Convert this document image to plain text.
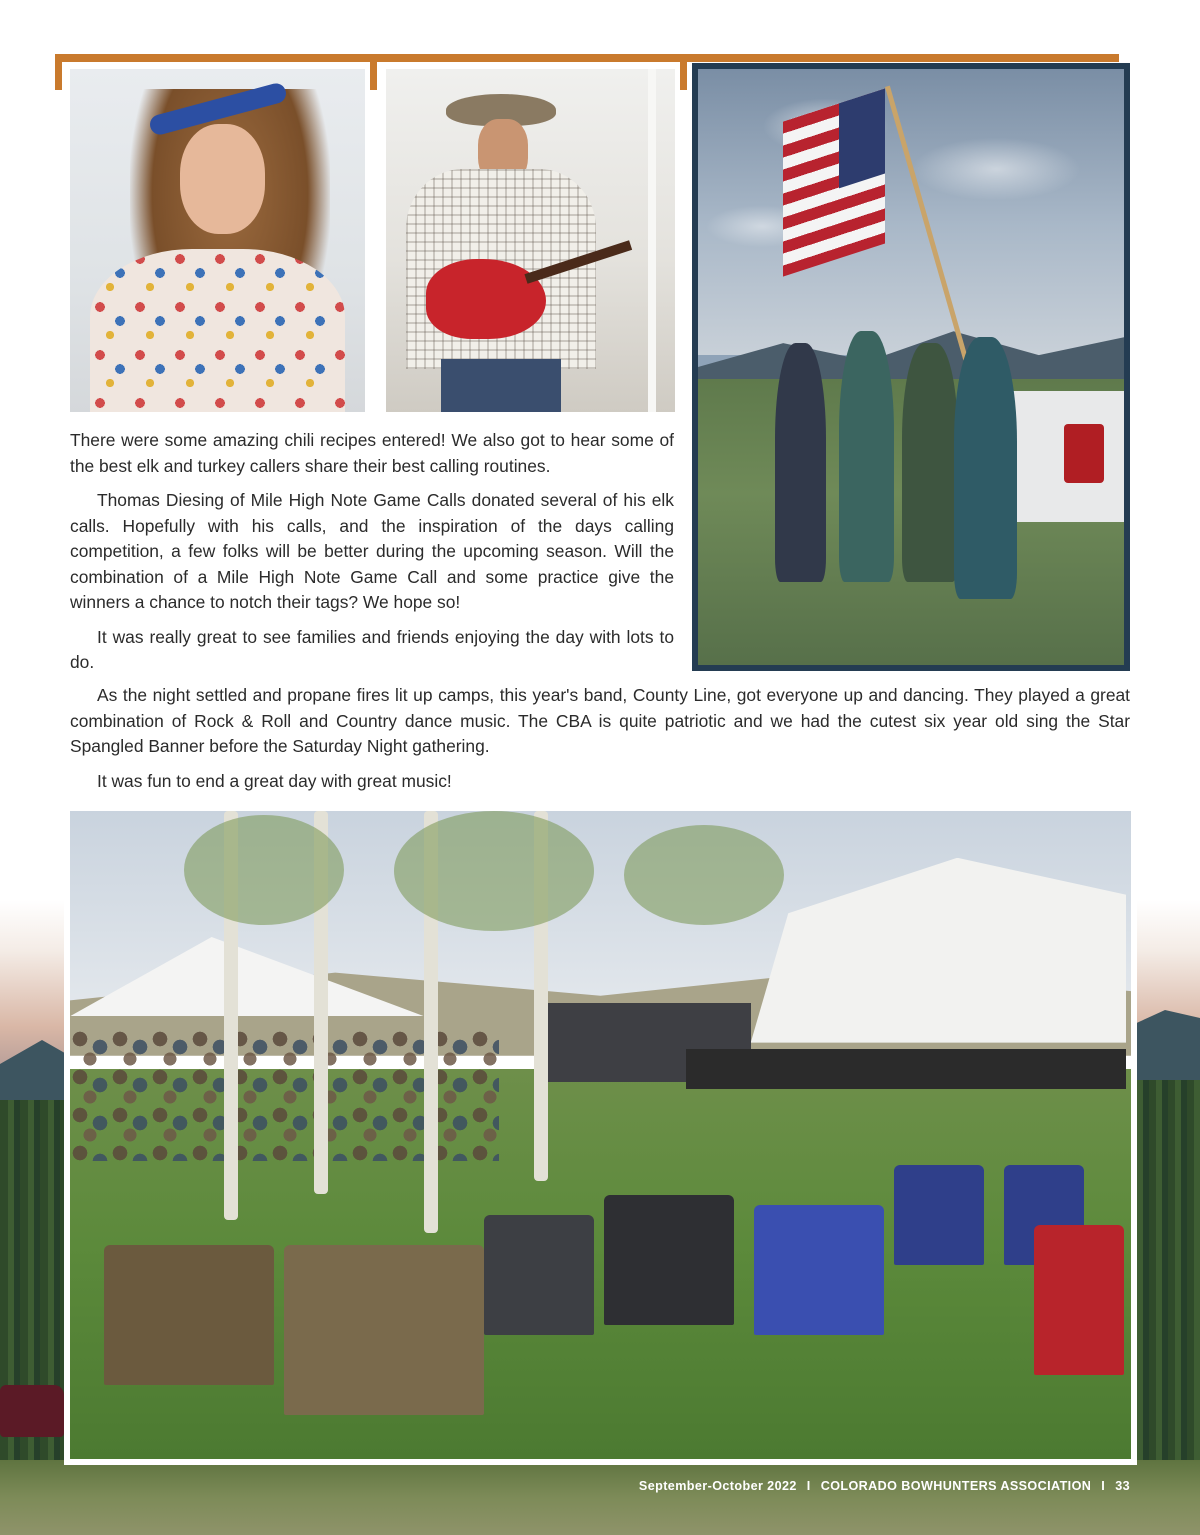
There were some amazing chili recipes entered! We also got to hear some of the best elk and turkey callers share their best calling routines.

Thomas Diesing of Mile High Note Game Calls donated several of his elk calls. Hopefully with his calls, and the inspiration of the days calling competition, a few folks will be better during the upcoming season. Will the combination of a Mile High Note Game Call and some practice give the winners a chance to notch their tags? We hope so!

It was really great to see families and friends enjoying the day with lots to do.

As the night settled and propane fires lit up camps, this year's band, County Line, got everyone up and dancing. They played a great combination of Rock & Roll and Country dance music. The CBA is quite patriotic and we had the cutest six year old sing the Star Spangled Banner before the Saturday Night gathering.

It was fun to end a great day with great music!

September-October 2022 I COLORADO BOWHUNTERS ASSOCIATION I 33
